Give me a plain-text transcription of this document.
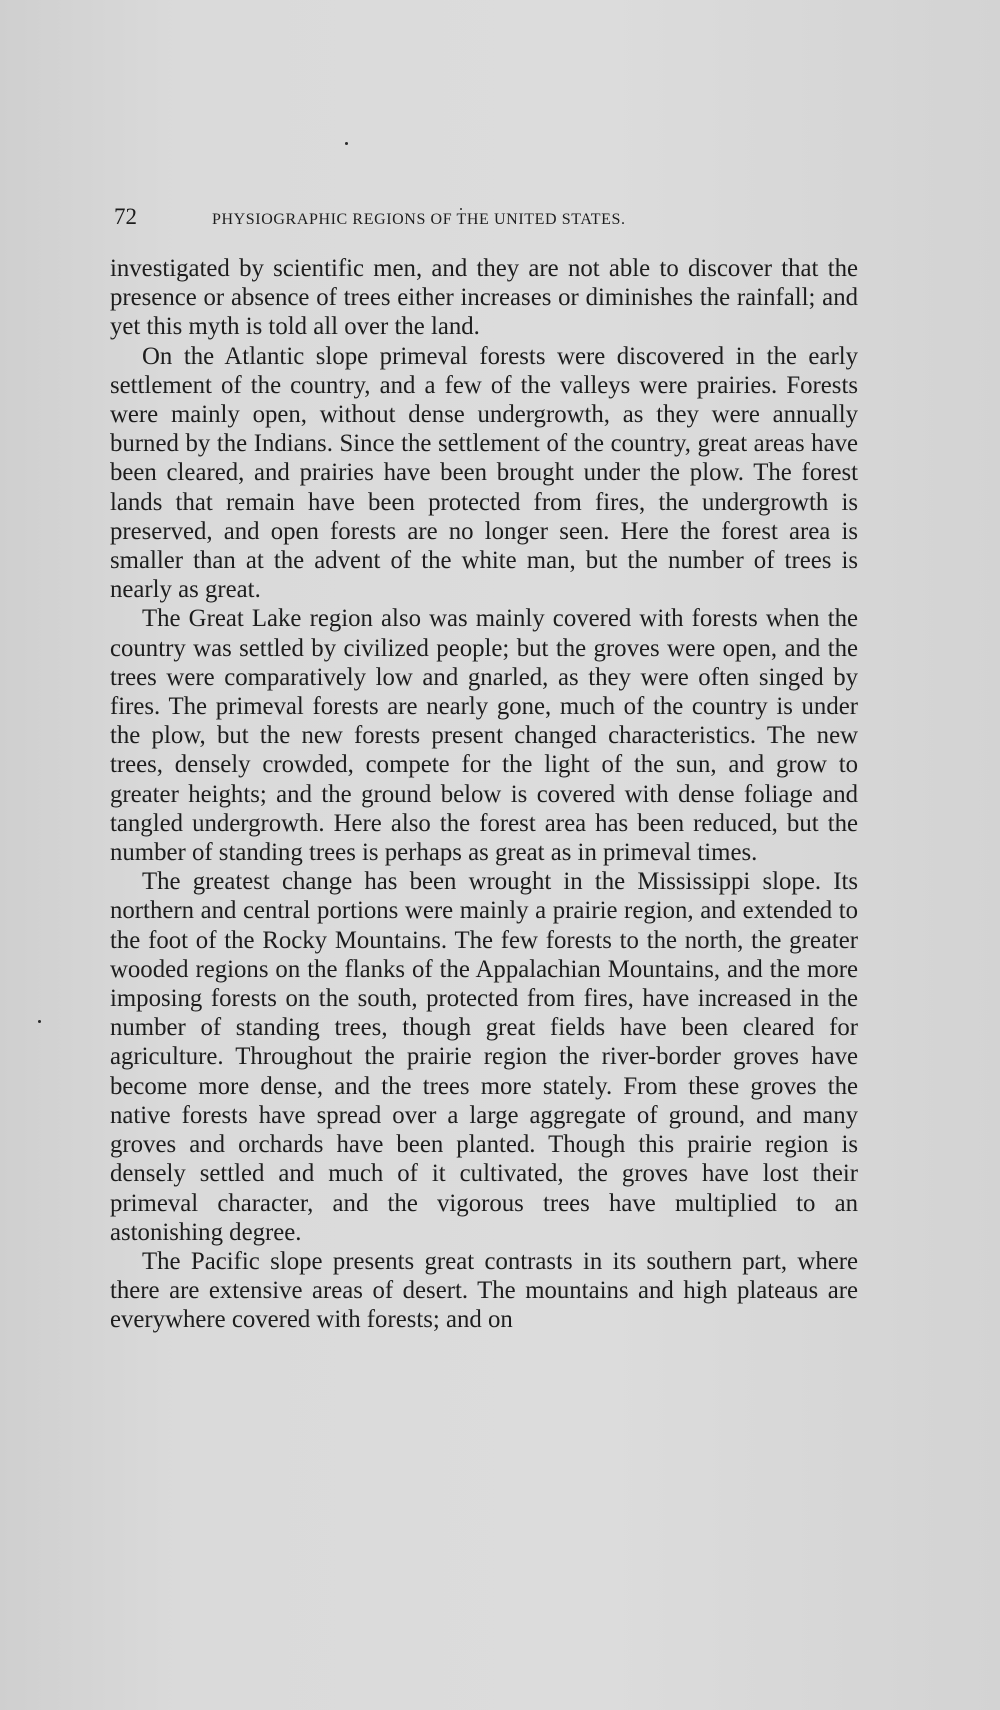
72	PHYSIOGRAPHIC REGIONS OF THE UNITED STATES.

investigated by scientific men, and they are not able to discover that the presence or absence of trees either increases or diminishes the rainfall; and yet this myth is told all over the land.

On the Atlantic slope primeval forests were discovered in the early settlement of the country, and a few of the valleys were prairies. Forests were mainly open, without dense undergrowth, as they were annually burned by the Indians. Since the settlement of the country, great areas have been cleared, and prairies have been brought under the plow. The forest lands that remain have been protected from fires, the undergrowth is preserved, and open forests are no longer seen. Here the forest area is smaller than at the advent of the white man, but the number of trees is nearly as great.

The Great Lake region also was mainly covered with forests when the country was settled by civilized people; but the groves were open, and the trees were comparatively low and gnarled, as they were often singed by fires. The primeval forests are nearly gone, much of the country is under the plow, but the new forests present changed characteristics. The new trees, densely crowded, compete for the light of the sun, and grow to greater heights; and the ground below is covered with dense foliage and tangled undergrowth. Here also the forest area has been reduced, but the number of standing trees is perhaps as great as in primeval times.

The greatest change has been wrought in the Mississippi slope. Its northern and central portions were mainly a prairie region, and extended to the foot of the Rocky Mountains. The few forests to the north, the greater wooded regions on the flanks of the Appalachian Mountains, and the more imposing forests on the south, protected from fires, have increased in the number of standing trees, though great fields have been cleared for agriculture. Throughout the prairie region the river-border groves have become more dense, and the trees more stately. From these groves the native forests have spread over a large aggregate of ground, and many groves and orchards have been planted. Though this prairie region is densely settled and much of it cultivated, the groves have lost their primeval character, and the vigorous trees have multiplied to an astonishing degree.

The Pacific slope presents great contrasts in its southern part, where there are extensive areas of desert. The mountains and high plateaus are everywhere covered with forests; and on
